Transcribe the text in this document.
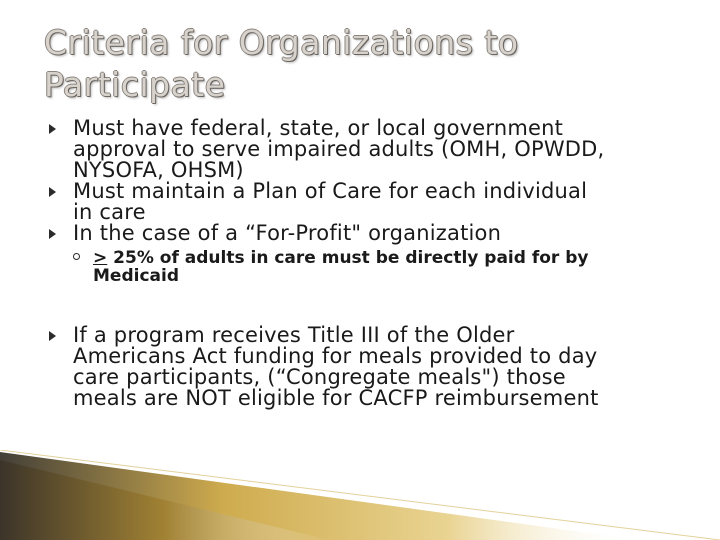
Criteria for Organizations to
Participate
Must have federal, state, or local government
approval to serve impaired adults (OMH, OPWDD,
NYSOFA, OHSM)
Must maintain a Plan of Care for each individual
in care
In the case of a “For-Profit" organization
≥ 25% of adults in care must be directly paid for by
Medicaid
If a program receives Title III of the Older
Americans Act funding for meals provided to day
care participants, (“Congregate meals") those
meals are NOT eligible for CACFP reimbursement
